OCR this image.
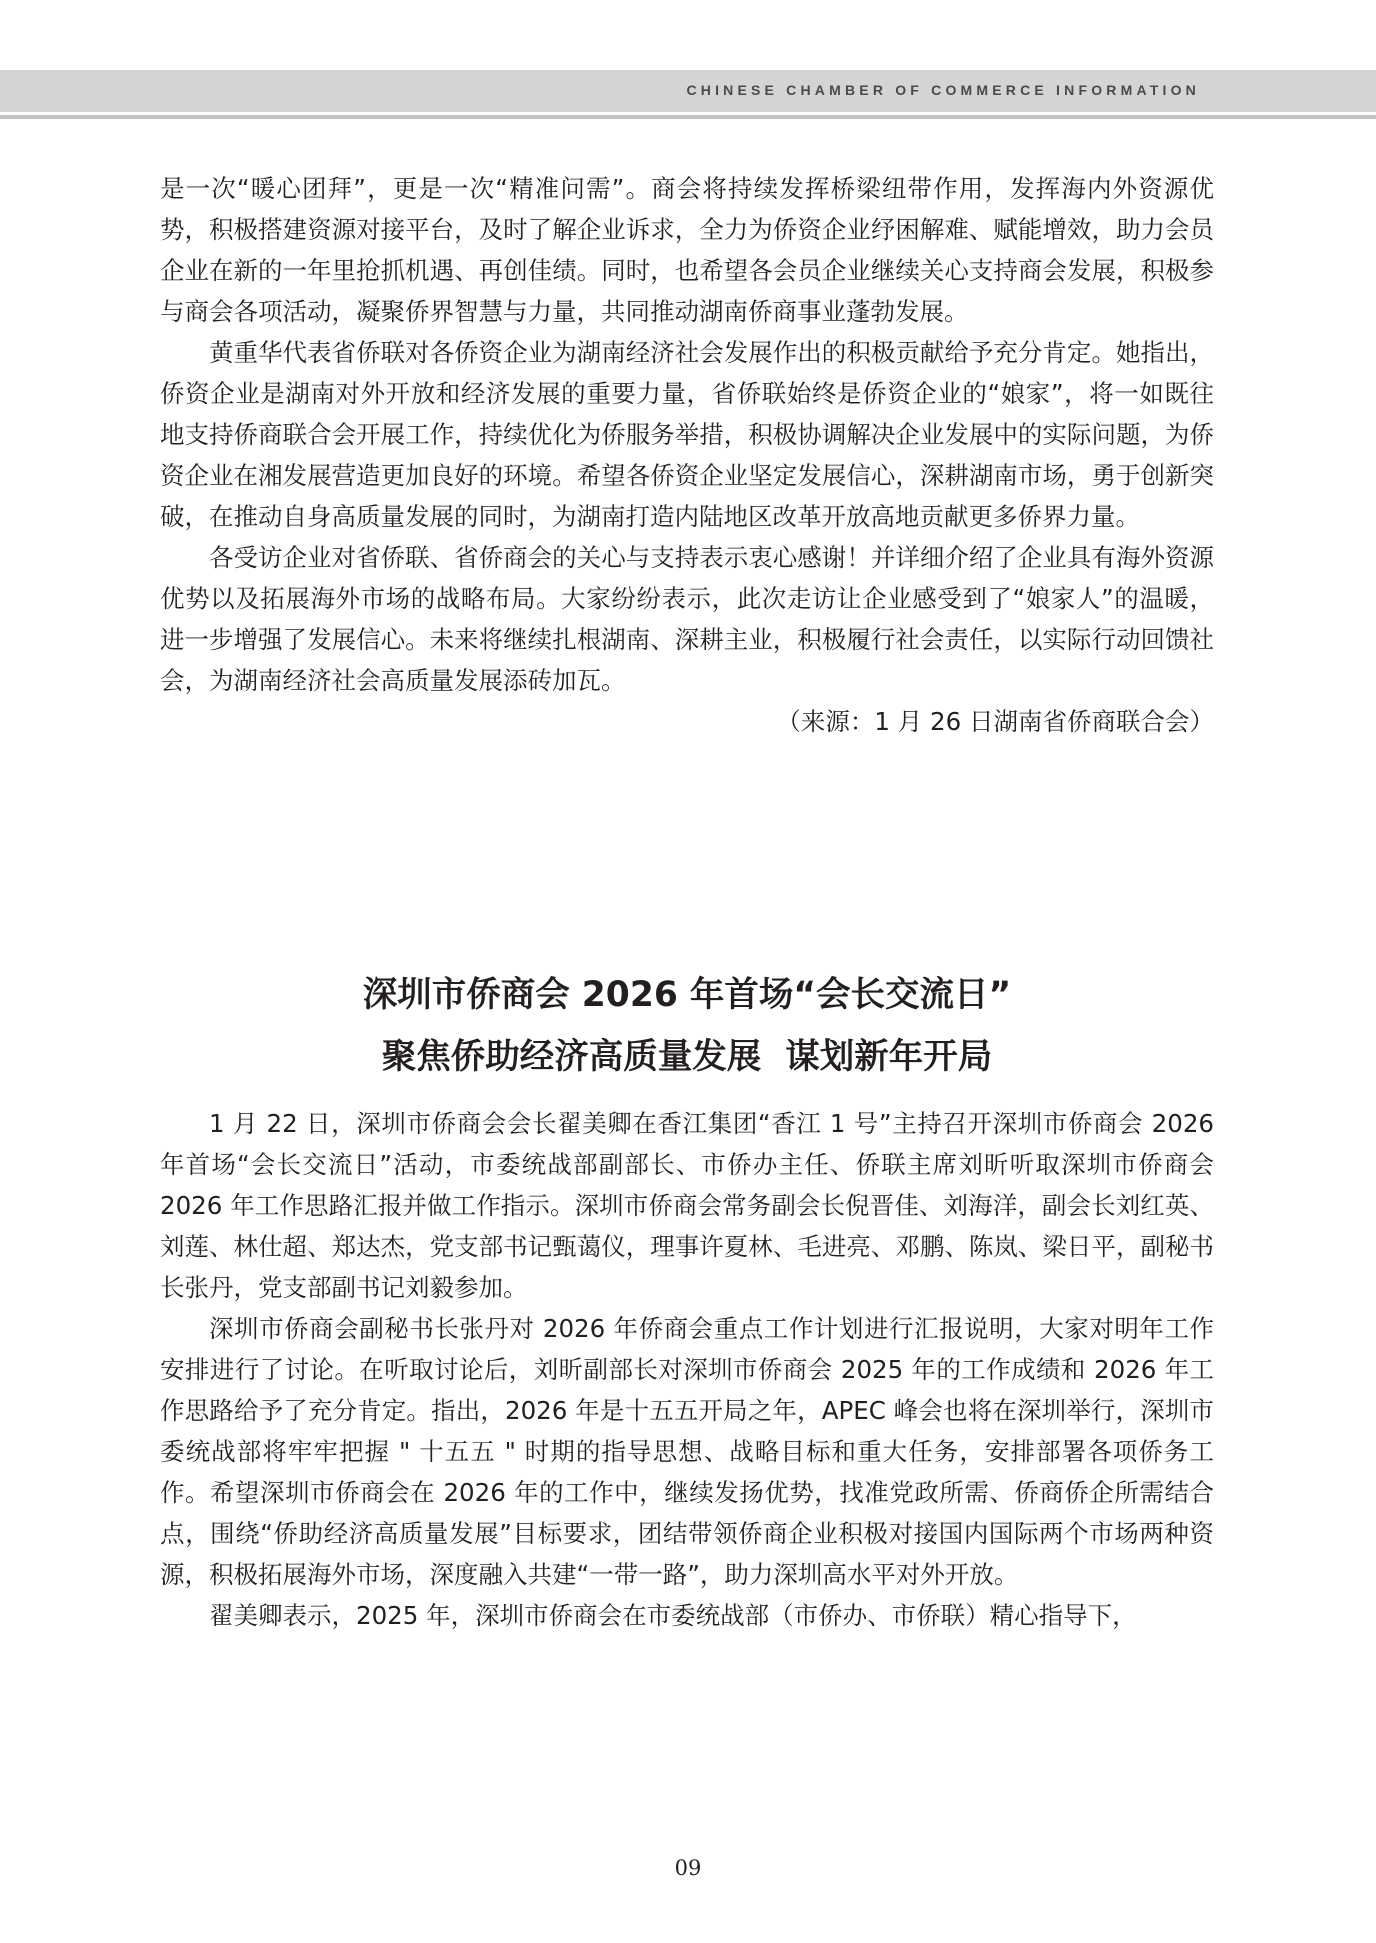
CHINESE CHAMBER OF COMMERCE INFORMATION

是一次“暖心团拜”，更是一次“精准问需”。商会将持续发挥桥梁纽带作用，发挥海内外资源优势，积极搭建资源对接平台，及时了解企业诉求，全力为侨资企业纾困解难、赋能增效，助力会员企业在新的一年里抢抓机遇、再创佳绩。同时，也希望各会员企业继续关心支持商会发展，积极参与商会各项活动，凝聚侨界智慧与力量，共同推动湖南侨商事业蓬勃发展。

黄重华代表省侨联对各侨资企业为湖南经济社会发展作出的积极贡献给予充分肯定。她指出，侨资企业是湖南对外开放和经济发展的重要力量，省侨联始终是侨资企业的“娘家”，将一如既往地支持侨商联合会开展工作，持续优化为侨服务举措，积极协调解决企业发展中的实际问题，为侨资企业在湘发展营造更加良好的环境。希望各侨资企业坚定发展信心，深耕湖南市场，勇于创新突破，在推动自身高质量发展的同时，为湖南打造内陆地区改革开放高地贡献更多侨界力量。

各受访企业对省侨联、省侨商会的关心与支持表示衷心感谢！并详细介绍了企业具有海外资源优势以及拓展海外市场的战略布局。大家纷纷表示，此次走访让企业感受到了“娘家人”的温暖，进一步增强了发展信心。未来将继续扎根湖南、深耕主业，积极履行社会责任，以实际行动回馈社会，为湖南经济社会高质量发展添砖加瓦。

（来源：1 月 26 日湖南省侨商联合会）

深圳市侨商会 2026 年首场“会长交流日”
聚焦侨助经济高质量发展  谋划新年开局

1 月 22 日，深圳市侨商会会长翟美卿在香江集团“香江 1 号”主持召开深圳市侨商会 2026 年首场“会长交流日”活动，市委统战部副部长、市侨办主任、侨联主席刘昕听取深圳市侨商会 2026 年工作思路汇报并做工作指示。深圳市侨商会常务副会长倪晋佳、刘海洋，副会长刘红英、刘莲、林仕超、郑达杰，党支部书记甄蔼仪，理事许夏林、毛进亮、邓鹏、陈岚、梁日平，副秘书长张丹，党支部副书记刘毅参加。

深圳市侨商会副秘书长张丹对 2026 年侨商会重点工作计划进行汇报说明，大家对明年工作安排进行了讨论。在听取讨论后，刘昕副部长对深圳市侨商会 2025 年的工作成绩和 2026 年工作思路给予了充分肯定。指出，2026 年是十五五开局之年，APEC 峰会也将在深圳举行，深圳市委统战部将牢牢把握 " 十五五 " 时期的指导思想、战略目标和重大任务，安排部署各项侨务工作。希望深圳市侨商会在 2026 年的工作中，继续发扬优势，找准党政所需、侨商侨企所需结合点，围绕“侨助经济高质量发展”目标要求，团结带领侨商企业积极对接国内国际两个市场两种资源，积极拓展海外市场，深度融入共建“一带一路”，助力深圳高水平对外开放。

翟美卿表示，2025 年，深圳市侨商会在市委统战部（市侨办、市侨联）精心指导下，

09
